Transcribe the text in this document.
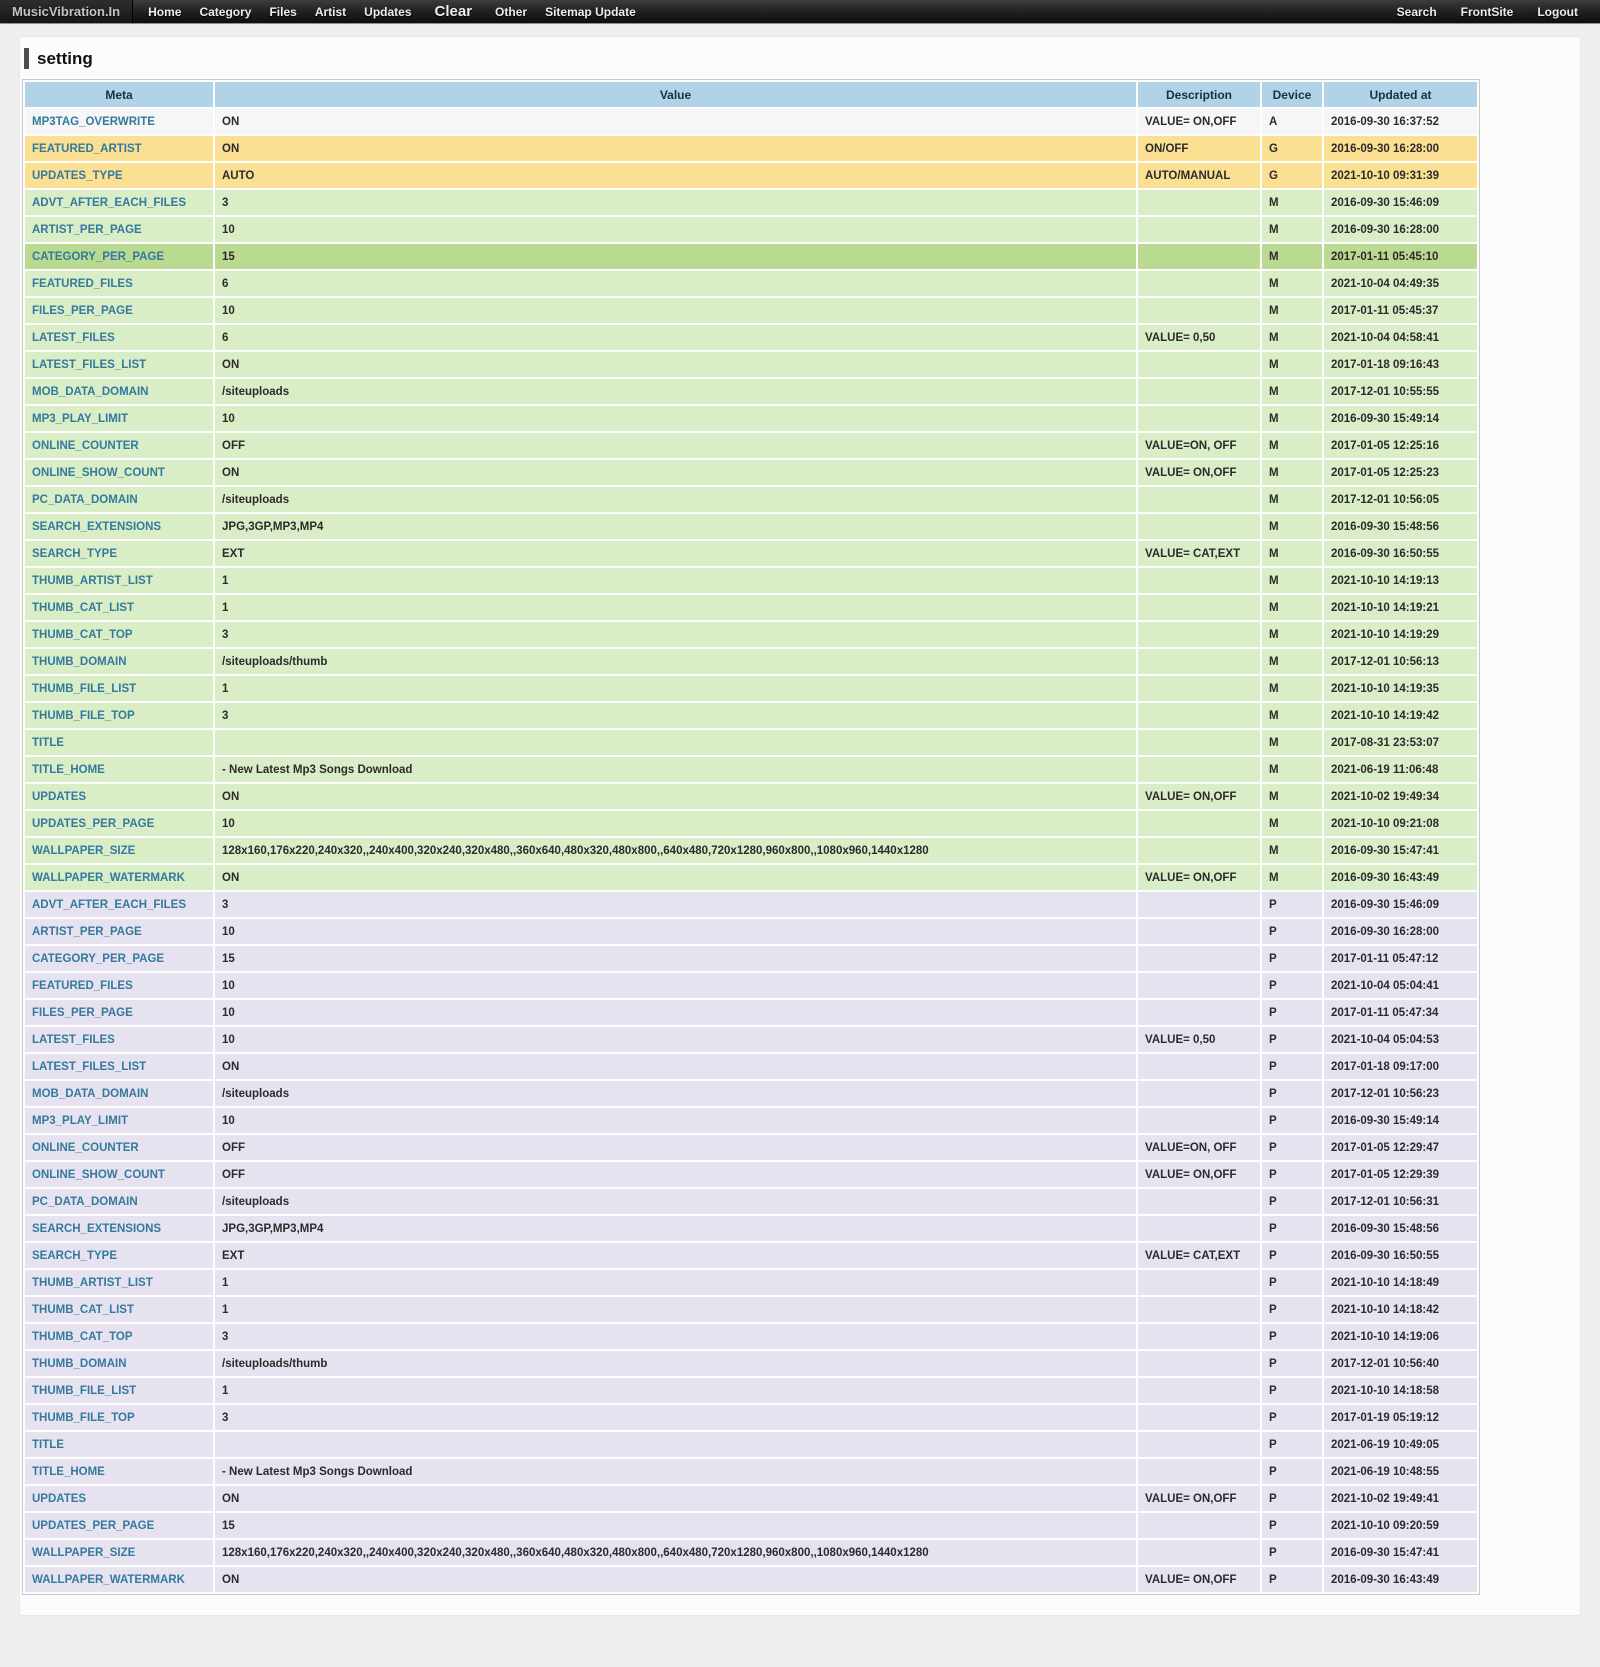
MusicVibration.In	Home	Category	Files	Artist	Updates	Clear	Other	Sitemap Update	Search	FrontSite	Logout
setting
Meta	Value	Description	Device	Updated at
MP3TAG_OVERWRITE	ON	VALUE= ON,OFF	A	2016-09-30 16:37:52
FEATURED_ARTIST	ON	ON/OFF	G	2016-09-30 16:28:00
UPDATES_TYPE	AUTO	AUTO/MANUAL	G	2021-10-10 09:31:39
ADVT_AFTER_EACH_FILES	3		M	2016-09-30 15:46:09
ARTIST_PER_PAGE	10		M	2016-09-30 16:28:00
CATEGORY_PER_PAGE	15		M	2017-01-11 05:45:10
FEATURED_FILES	6		M	2021-10-04 04:49:35
FILES_PER_PAGE	10		M	2017-01-11 05:45:37
LATEST_FILES	6	VALUE= 0,50	M	2021-10-04 04:58:41
LATEST_FILES_LIST	ON		M	2017-01-18 09:16:43
MOB_DATA_DOMAIN	/siteuploads		M	2017-12-01 10:55:55
MP3_PLAY_LIMIT	10		M	2016-09-30 15:49:14
ONLINE_COUNTER	OFF	VALUE=ON, OFF	M	2017-01-05 12:25:16
ONLINE_SHOW_COUNT	ON	VALUE= ON,OFF	M	2017-01-05 12:25:23
PC_DATA_DOMAIN	/siteuploads		M	2017-12-01 10:56:05
SEARCH_EXTENSIONS	JPG,3GP,MP3,MP4		M	2016-09-30 15:48:56
SEARCH_TYPE	EXT	VALUE= CAT,EXT	M	2016-09-30 16:50:55
THUMB_ARTIST_LIST	1		M	2021-10-10 14:19:13
THUMB_CAT_LIST	1		M	2021-10-10 14:19:21
THUMB_CAT_TOP	3		M	2021-10-10 14:19:29
THUMB_DOMAIN	/siteuploads/thumb		M	2017-12-01 10:56:13
THUMB_FILE_LIST	1		M	2021-10-10 14:19:35
THUMB_FILE_TOP	3		M	2021-10-10 14:19:42
TITLE			M	2017-08-31 23:53:07
TITLE_HOME	- New Latest Mp3 Songs Download		M	2021-06-19 11:06:48
UPDATES	ON	VALUE= ON,OFF	M	2021-10-02 19:49:34
UPDATES_PER_PAGE	10		M	2021-10-10 09:21:08
WALLPAPER_SIZE	128x160,176x220,240x320,,240x400,320x240,320x480,,360x640,480x320,480x800,,640x480,720x1280,960x800,,1080x960,1440x1280		M	2016-09-30 15:47:41
WALLPAPER_WATERMARK	ON	VALUE= ON,OFF	M	2016-09-30 16:43:49
ADVT_AFTER_EACH_FILES	3		P	2016-09-30 15:46:09
ARTIST_PER_PAGE	10		P	2016-09-30 16:28:00
CATEGORY_PER_PAGE	15		P	2017-01-11 05:47:12
FEATURED_FILES	10		P	2021-10-04 05:04:41
FILES_PER_PAGE	10		P	2017-01-11 05:47:34
LATEST_FILES	10	VALUE= 0,50	P	2021-10-04 05:04:53
LATEST_FILES_LIST	ON		P	2017-01-18 09:17:00
MOB_DATA_DOMAIN	/siteuploads		P	2017-12-01 10:56:23
MP3_PLAY_LIMIT	10		P	2016-09-30 15:49:14
ONLINE_COUNTER	OFF	VALUE=ON, OFF	P	2017-01-05 12:29:47
ONLINE_SHOW_COUNT	OFF	VALUE= ON,OFF	P	2017-01-05 12:29:39
PC_DATA_DOMAIN	/siteuploads		P	2017-12-01 10:56:31
SEARCH_EXTENSIONS	JPG,3GP,MP3,MP4		P	2016-09-30 15:48:56
SEARCH_TYPE	EXT	VALUE= CAT,EXT	P	2016-09-30 16:50:55
THUMB_ARTIST_LIST	1		P	2021-10-10 14:18:49
THUMB_CAT_LIST	1		P	2021-10-10 14:18:42
THUMB_CAT_TOP	3		P	2021-10-10 14:19:06
THUMB_DOMAIN	/siteuploads/thumb		P	2017-12-01 10:56:40
THUMB_FILE_LIST	1		P	2021-10-10 14:18:58
THUMB_FILE_TOP	3		P	2017-01-19 05:19:12
TITLE			P	2021-06-19 10:49:05
TITLE_HOME	- New Latest Mp3 Songs Download		P	2021-06-19 10:48:55
UPDATES	ON	VALUE= ON,OFF	P	2021-10-02 19:49:41
UPDATES_PER_PAGE	15		P	2021-10-10 09:20:59
WALLPAPER_SIZE	128x160,176x220,240x320,,240x400,320x240,320x480,,360x640,480x320,480x800,,640x480,720x1280,960x800,,1080x960,1440x1280		P	2016-09-30 15:47:41
WALLPAPER_WATERMARK	ON	VALUE= ON,OFF	P	2016-09-30 16:43:49
